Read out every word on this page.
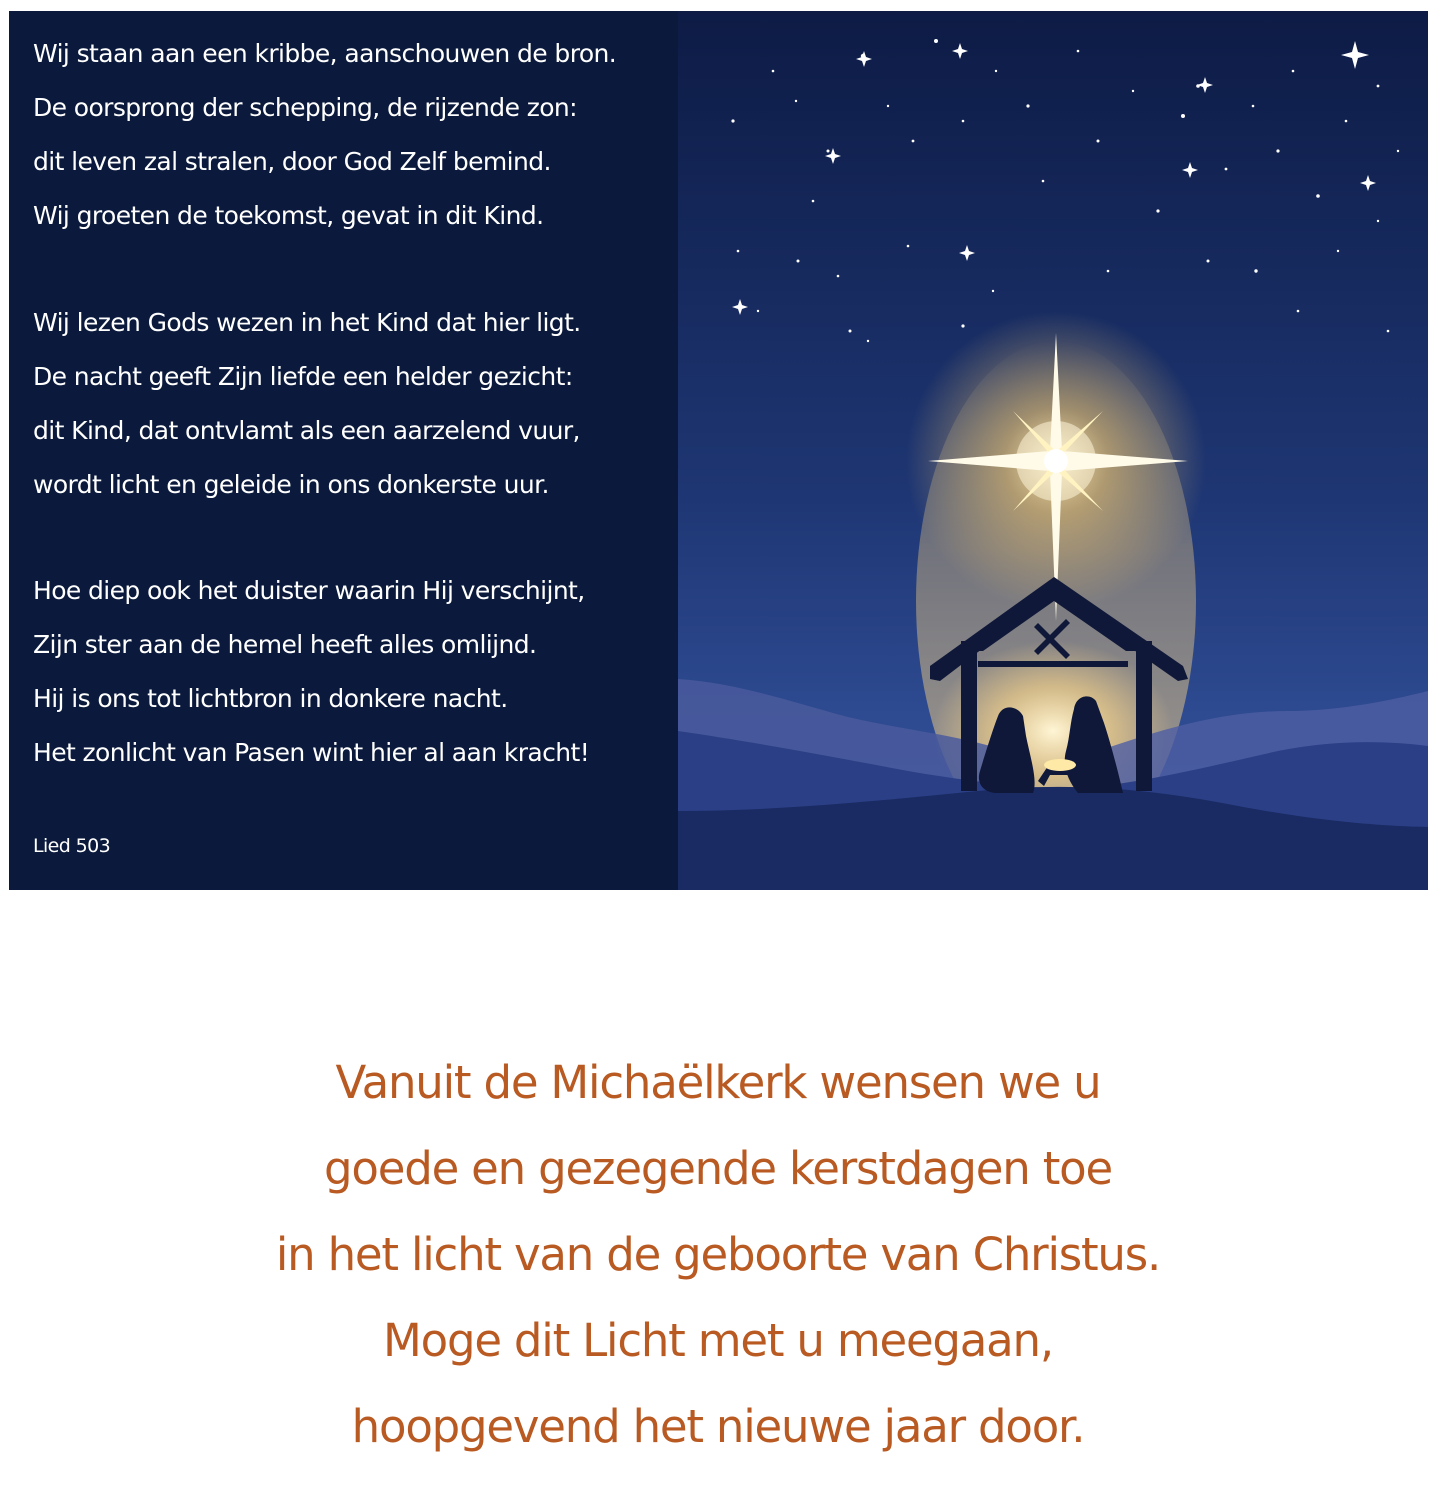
Wij staan aan een kribbe, aanschouwen de bron.
De oorsprong der schepping, de rijzende zon:
dit leven zal stralen, door God Zelf bemind.
Wij groeten de toekomst, gevat in dit Kind.
Wij lezen Gods wezen in het Kind dat hier ligt.
De nacht geeft Zijn liefde een helder gezicht:
dit Kind, dat ontvlamt als een aarzelend vuur,
wordt licht en geleide in ons donkerste uur.
Hoe diep ook het duister waarin Hij verschijnt,
Zijn ster aan de hemel heeft alles omlijnd.
Hij is ons tot lichtbron in donkere nacht.
Het zonlicht van Pasen wint hier al aan kracht!
Lied 503
Vanuit de Michaëlkerk wensen we u
goede en gezegende kerstdagen toe
in het licht van de geboorte van Christus.
Moge dit Licht met u meegaan,
hoopgevend het nieuwe jaar door.
